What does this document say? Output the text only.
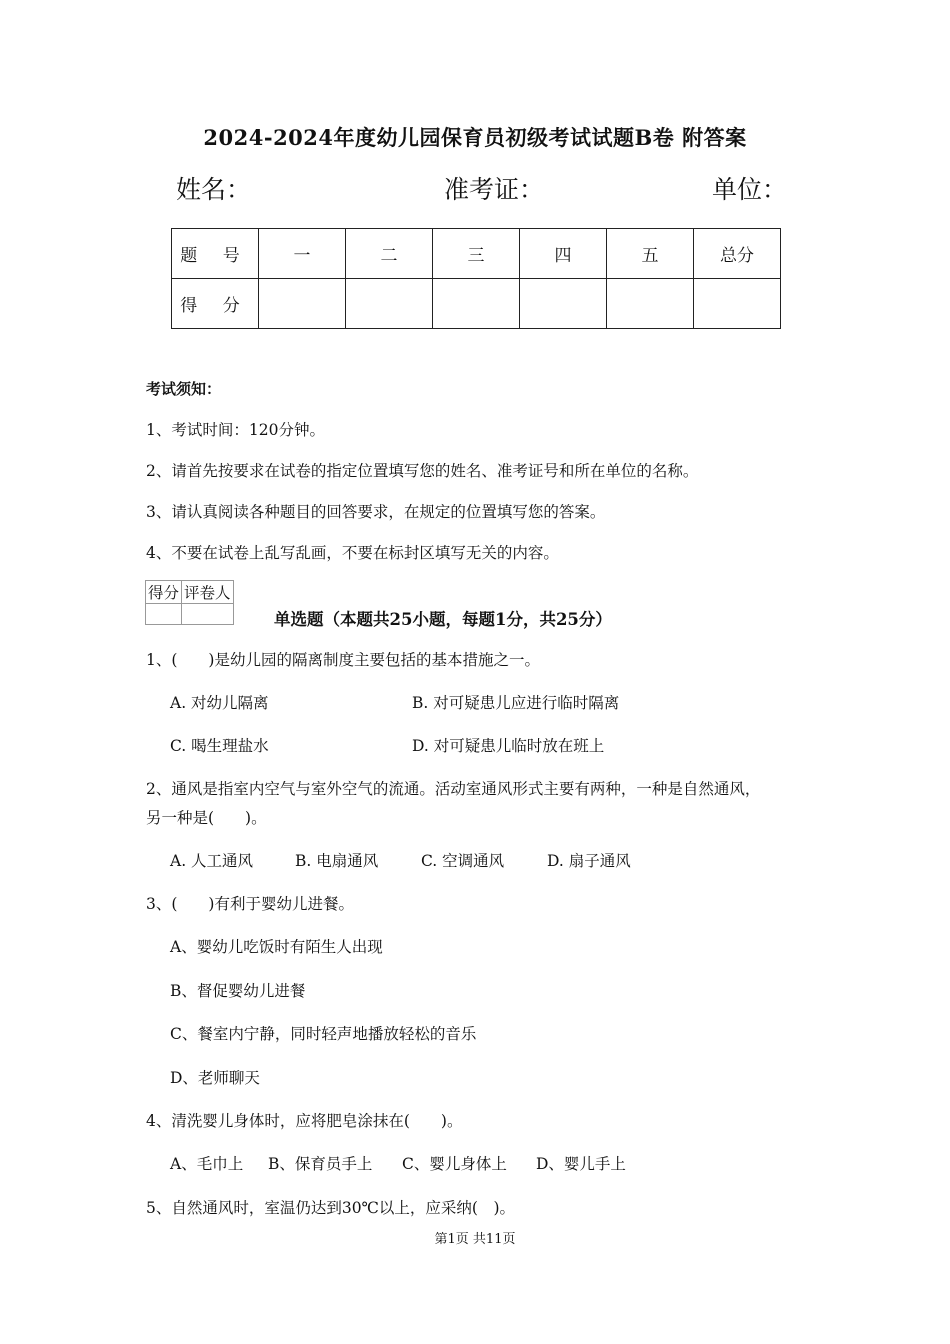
2024-2024年度幼儿园保育员初级考试试题B卷 附答案
姓名：	准考证：	单位：
题 号	一	二	三	四	五	总分
得 分						
考试须知：
1、考试时间：120分钟。
2、请首先按要求在试卷的指定位置填写您的姓名、准考证号和所在单位的名称。
3、请认真阅读各种题目的回答要求，在规定的位置填写您的答案。
4、不要在试卷上乱写乱画，不要在标封区填写无关的内容。
得分	评卷人

单选题（本题共25小题，每题1分，共25分）
1、(　　)是幼儿园的隔离制度主要包括的基本措施之一。
A. 对幼儿隔离	B. 对可疑患儿应进行临时隔离
C. 喝生理盐水	D. 对可疑患儿临时放在班上
2、通风是指室内空气与室外空气的流通。活动室通风形式主要有两种，一种是自然通风，
另一种是(　　)。
A. 人工通风	B. 电扇通风	C. 空调通风	D. 扇子通风
3、(　　)有利于婴幼儿进餐。
A、婴幼儿吃饭时有陌生人出现
B、督促婴幼儿进餐
C、餐室内宁静，同时轻声地播放轻松的音乐
D、老师聊天
4、清洗婴儿身体时，应将肥皂涂抹在(　　)。
A、毛巾上 B、保育员手上 C、婴儿身体上 D、婴儿手上
5、自然通风时，室温仍达到30℃以上，应采纳(　)。
第1页 共11页
